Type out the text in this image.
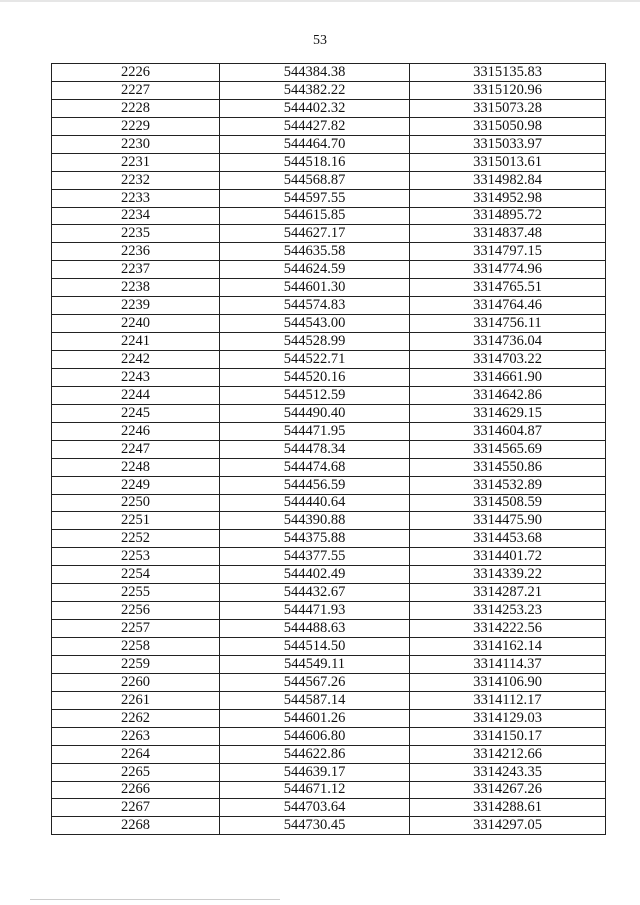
53
2226	544384.38	3315135.83
2227	544382.22	3315120.96
2228	544402.32	3315073.28
2229	544427.82	3315050.98
2230	544464.70	3315033.97
2231	544518.16	3315013.61
2232	544568.87	3314982.84
2233	544597.55	3314952.98
2234	544615.85	3314895.72
2235	544627.17	3314837.48
2236	544635.58	3314797.15
2237	544624.59	3314774.96
2238	544601.30	3314765.51
2239	544574.83	3314764.46
2240	544543.00	3314756.11
2241	544528.99	3314736.04
2242	544522.71	3314703.22
2243	544520.16	3314661.90
2244	544512.59	3314642.86
2245	544490.40	3314629.15
2246	544471.95	3314604.87
2247	544478.34	3314565.69
2248	544474.68	3314550.86
2249	544456.59	3314532.89
2250	544440.64	3314508.59
2251	544390.88	3314475.90
2252	544375.88	3314453.68
2253	544377.55	3314401.72
2254	544402.49	3314339.22
2255	544432.67	3314287.21
2256	544471.93	3314253.23
2257	544488.63	3314222.56
2258	544514.50	3314162.14
2259	544549.11	3314114.37
2260	544567.26	3314106.90
2261	544587.14	3314112.17
2262	544601.26	3314129.03
2263	544606.80	3314150.17
2264	544622.86	3314212.66
2265	544639.17	3314243.35
2266	544671.12	3314267.26
2267	544703.64	3314288.61
2268	544730.45	3314297.05
